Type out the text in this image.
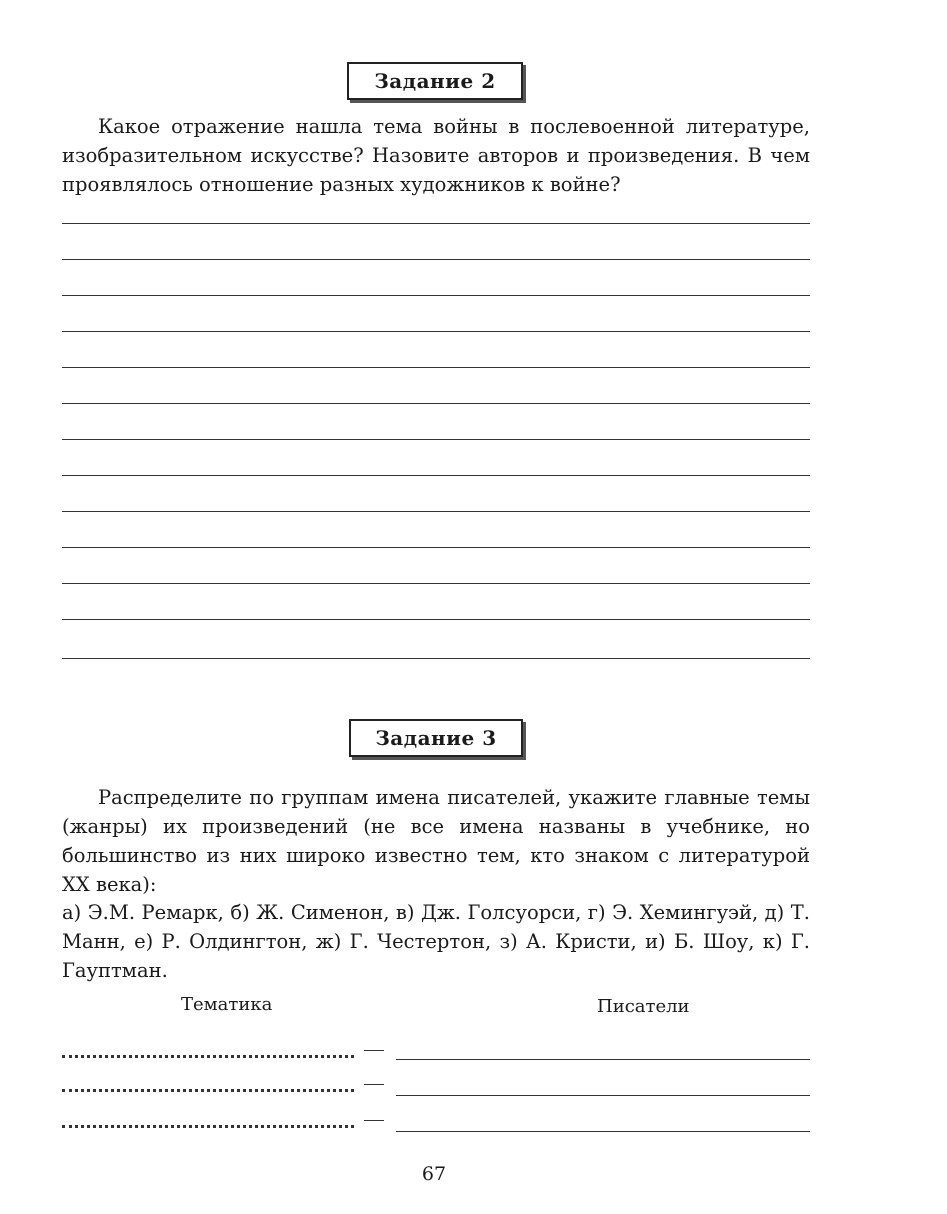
Задание 2

Какое отражение нашла тема войны в послевоенной литературе, изобразительном искусстве? Назовите авторов и произведения. В чем проявлялось отношение разных художников к войне?

Задание 3

Распределите по группам имена писателей, укажите главные темы (жанры) их произведений (не все имена названы в учебнике, но большинство из них широко известно тем, кто знаком с литературой XX века):

а) Э.М. Ремарк, б) Ж. Сименон, в) Дж. Голсуорси, г) Э. Хемингуэй, д) Т. Манн, е) Р. Олдингтон, ж) Г. Честертон, з) А. Кристи, и) Б. Шоу, к) Г. Гауптман.

Тематика	Писатели
67
